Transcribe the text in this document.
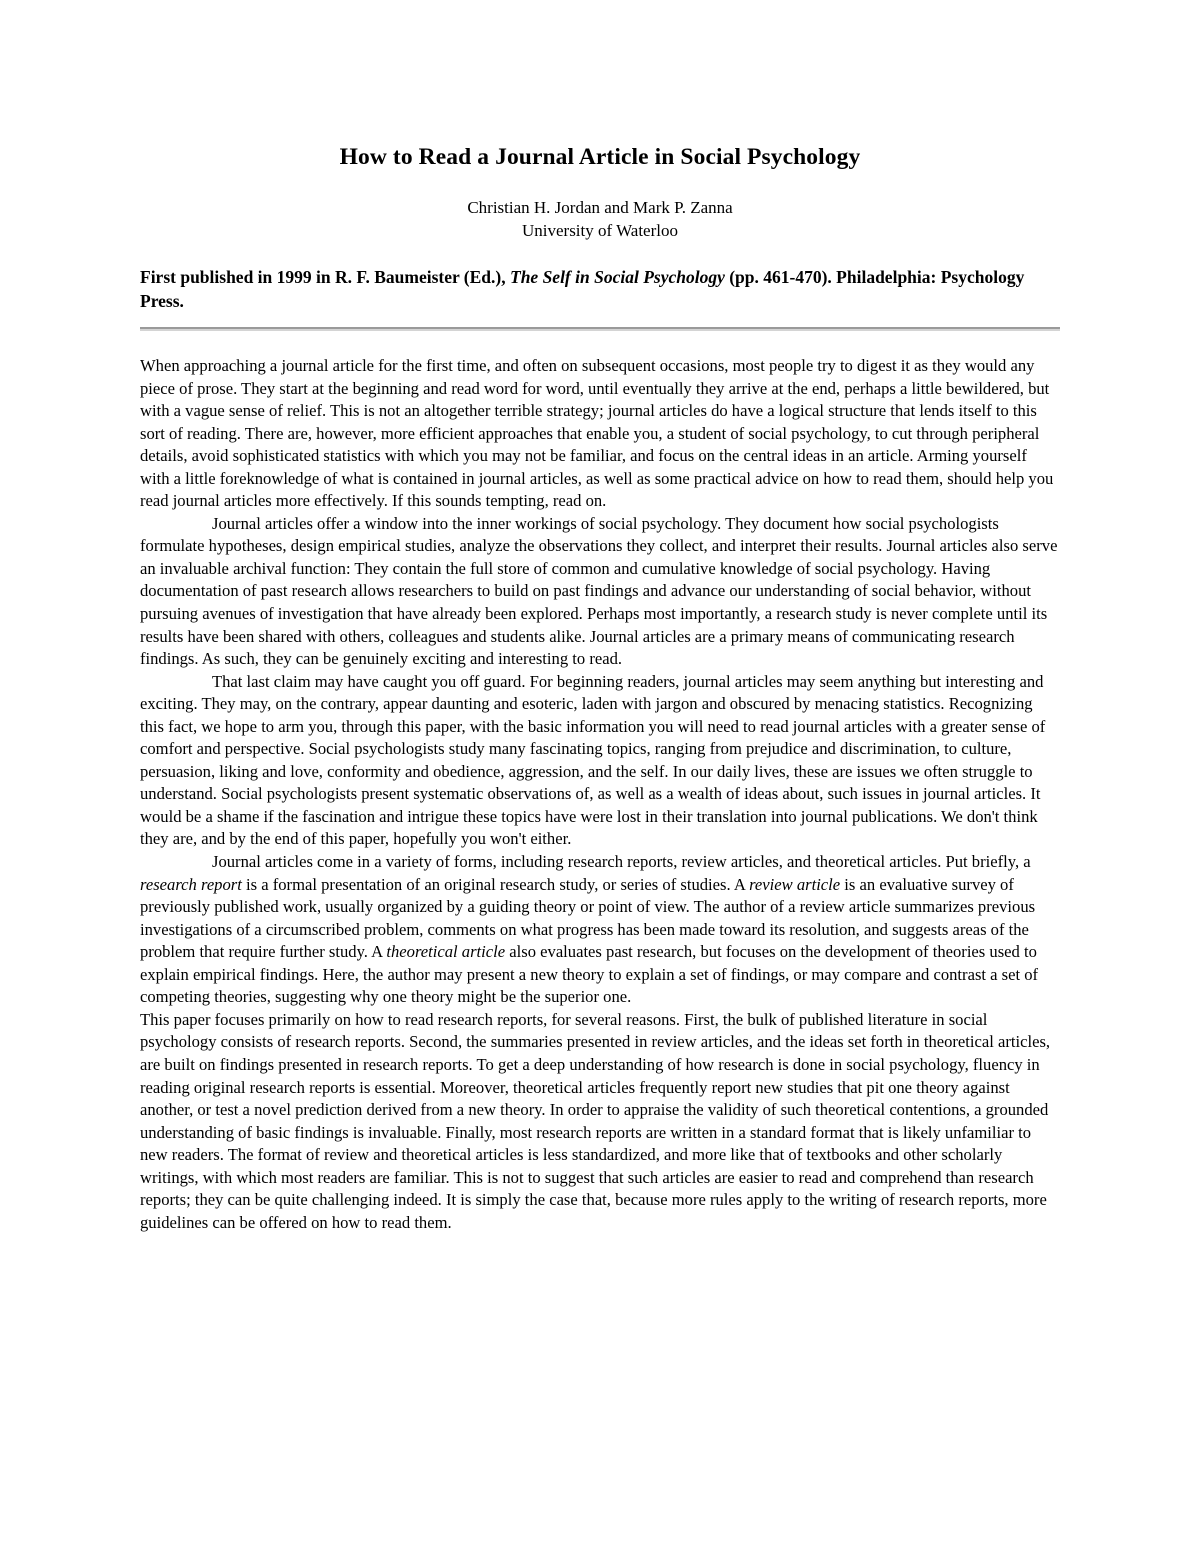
How to Read a Journal Article in Social Psychology
Christian H. Jordan and Mark P. Zanna
University of Waterloo
First published in 1999 in R. F. Baumeister (Ed.), The Self in Social Psychology (pp. 461-470). Philadelphia: Psychology Press.

When approaching a journal article for the first time, and often on subsequent occasions, most people try to digest it as they would any piece of prose. They start at the beginning and read word for word, until eventually they arrive at the end, perhaps a little bewildered, but with a vague sense of relief. This is not an altogether terrible strategy; journal articles do have a logical structure that lends itself to this sort of reading. There are, however, more efficient approaches that enable you, a student of social psychology, to cut through peripheral details, avoid sophisticated statistics with which you may not be familiar, and focus on the central ideas in an article. Arming yourself with a little foreknowledge of what is contained in journal articles, as well as some practical advice on how to read them, should help you read journal articles more effectively. If this sounds tempting, read on.

Journal articles offer a window into the inner workings of social psychology. They document how social psychologists formulate hypotheses, design empirical studies, analyze the observations they collect, and interpret their results. Journal articles also serve an invaluable archival function: They contain the full store of common and cumulative knowledge of social psychology. Having documentation of past research allows researchers to build on past findings and advance our understanding of social behavior, without pursuing avenues of investigation that have already been explored. Perhaps most importantly, a research study is never complete until its results have been shared with others, colleagues and students alike. Journal articles are a primary means of communicating research findings. As such, they can be genuinely exciting and interesting to read.

That last claim may have caught you off guard. For beginning readers, journal articles may seem anything but interesting and exciting. They may, on the contrary, appear daunting and esoteric, laden with jargon and obscured by menacing statistics. Recognizing this fact, we hope to arm you, through this paper, with the basic information you will need to read journal articles with a greater sense of comfort and perspective. Social psychologists study many fascinating topics, ranging from prejudice and discrimination, to culture, persuasion, liking and love, conformity and obedience, aggression, and the self. In our daily lives, these are issues we often struggle to understand. Social psychologists present systematic observations of, as well as a wealth of ideas about, such issues in journal articles. It would be a shame if the fascination and intrigue these topics have were lost in their translation into journal publications. We don't think they are, and by the end of this paper, hopefully you won't either.

Journal articles come in a variety of forms, including research reports, review articles, and theoretical articles. Put briefly, a research report is a formal presentation of an original research study, or series of studies. A review article is an evaluative survey of previously published work, usually organized by a guiding theory or point of view. The author of a review article summarizes previous investigations of a circumscribed problem, comments on what progress has been made toward its resolution, and suggests areas of the problem that require further study. A theoretical article also evaluates past research, but focuses on the development of theories used to explain empirical findings. Here, the author may present a new theory to explain a set of findings, or may compare and contrast a set of competing theories, suggesting why one theory might be the superior one.

This paper focuses primarily on how to read research reports, for several reasons. First, the bulk of published literature in social psychology consists of research reports. Second, the summaries presented in review articles, and the ideas set forth in theoretical articles, are built on findings presented in research reports. To get a deep understanding of how research is done in social psychology, fluency in reading original research reports is essential. Moreover, theoretical articles frequently report new studies that pit one theory against another, or test a novel prediction derived from a new theory. In order to appraise the validity of such theoretical contentions, a grounded understanding of basic findings is invaluable. Finally, most research reports are written in a standard format that is likely unfamiliar to new readers. The format of review and theoretical articles is less standardized, and more like that of textbooks and other scholarly writings, with which most readers are familiar. This is not to suggest that such articles are easier to read and comprehend than research reports; they can be quite challenging indeed. It is simply the case that, because more rules apply to the writing of research reports, more guidelines can be offered on how to read them.
